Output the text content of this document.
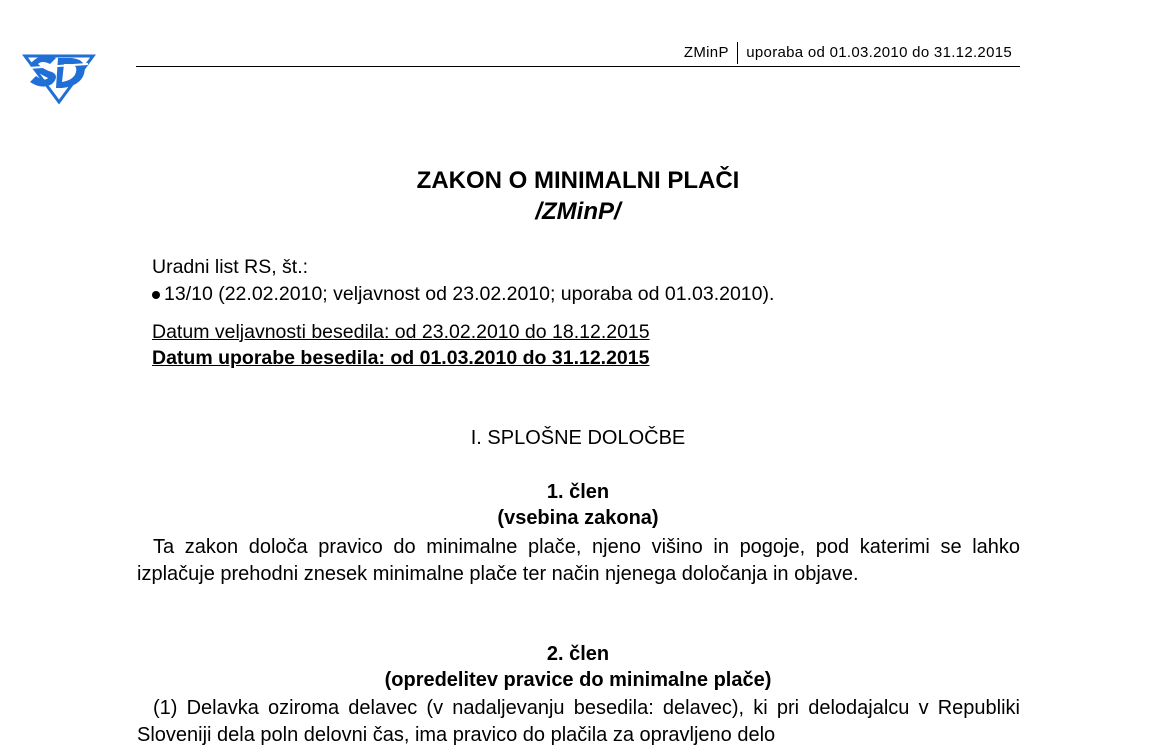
ZMinP uporaba od 01.03.2010 do 31.12.2015
ZAKON O MINIMALNI PLAČI
/ZMinP/
Uradni list RS, št.:
13/10 (22.02.2010; veljavnost od 23.02.2010; uporaba od 01.03.2010).
Datum veljavnosti besedila: od 23.02.2010 do 18.12.2015
Datum uporabe besedila: od 01.03.2010 do 31.12.2015
I. SPLOŠNE DOLOČBE
1. člen
(vsebina zakona)
Ta zakon določa pravico do minimalne plače, njeno višino in pogoje, pod katerimi se lahko izplačuje prehodni znesek minimalne plače ter način njenega določanja in objave.
2. člen
(opredelitev pravice do minimalne plače)
(1) Delavka oziroma delavec (v nadaljevanju besedila: delavec), ki pri delodajalcu v Republiki Sloveniji dela poln delovni čas, ima pravico do plačila za opravljeno delo
